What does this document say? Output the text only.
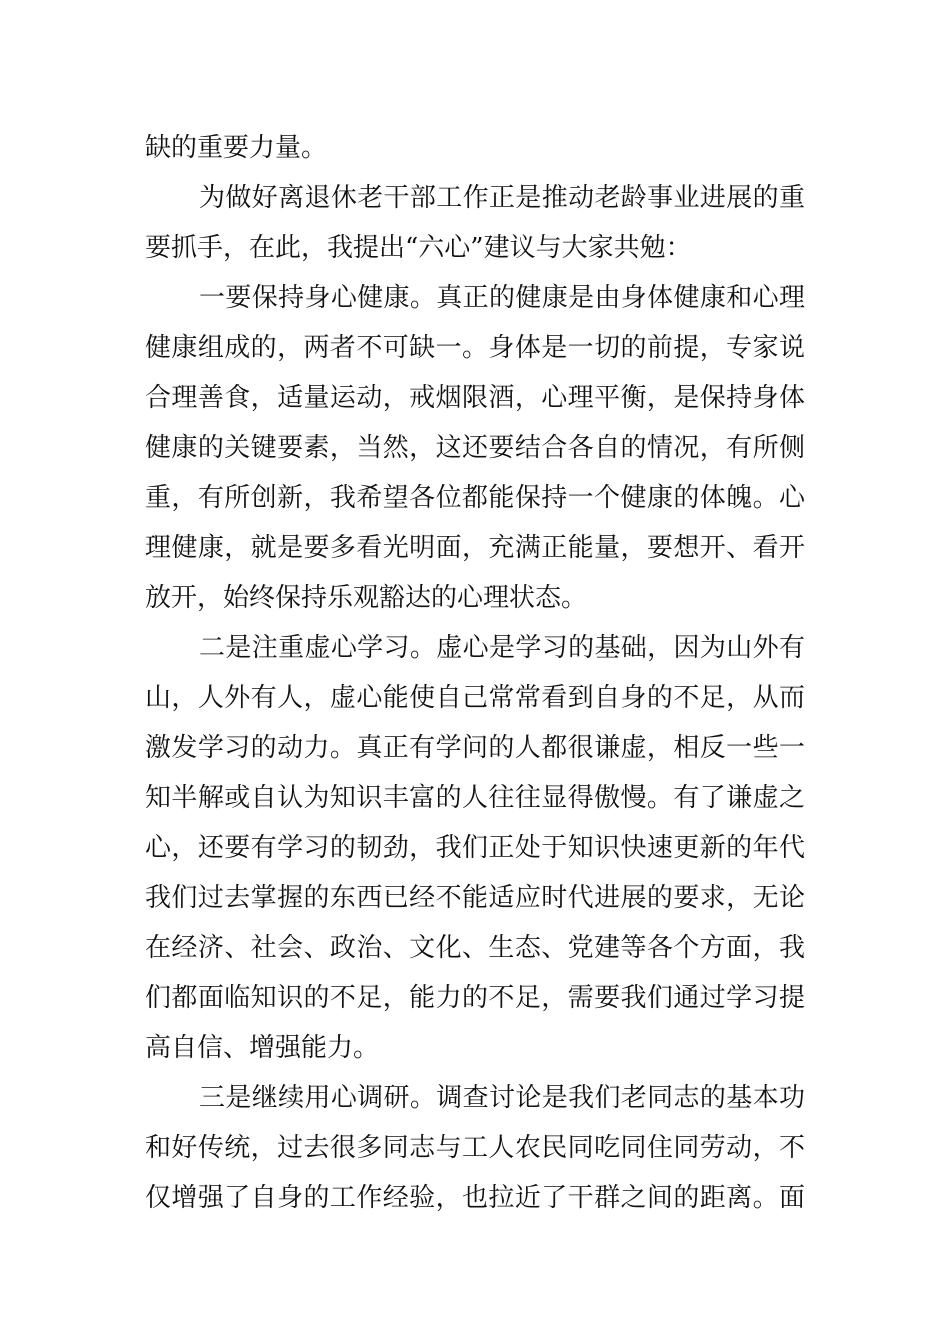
缺的重要力量。
为做好离退休老干部工作正是推动老龄事业进展的重
要抓手，在此，我提出“六心”建议与大家共勉：
一要保持身心健康。真正的健康是由身体健康和心理
健康组成的，两者不可缺一。身体是一切的前提，专家说
合理善食，适量运动，戒烟限酒，心理平衡，是保持身体
健康的关键要素，当然，这还要结合各自的情况，有所侧
重，有所创新，我希望各位都能保持一个健康的体魄。心
理健康，就是要多看光明面，充满正能量，要想开、看开
放开，始终保持乐观豁达的心理状态。
二是注重虚心学习。虚心是学习的基础，因为山外有
山，人外有人，虚心能使自己常常看到自身的不足，从而
激发学习的动力。真正有学问的人都很谦虚，相反一些一
知半解或自认为知识丰富的人往往显得傲慢。有了谦虚之
心，还要有学习的韧劲，我们正处于知识快速更新的年代
我们过去掌握的东西已经不能适应时代进展的要求，无论
在经济、社会、政治、文化、生态、党建等各个方面，我
们都面临知识的不足，能力的不足，需要我们通过学习提
高自信、增强能力。
三是继续用心调研。调查讨论是我们老同志的基本功
和好传统，过去很多同志与工人农民同吃同住同劳动，不
仅增强了自身的工作经验，也拉近了干群之间的距离。面
